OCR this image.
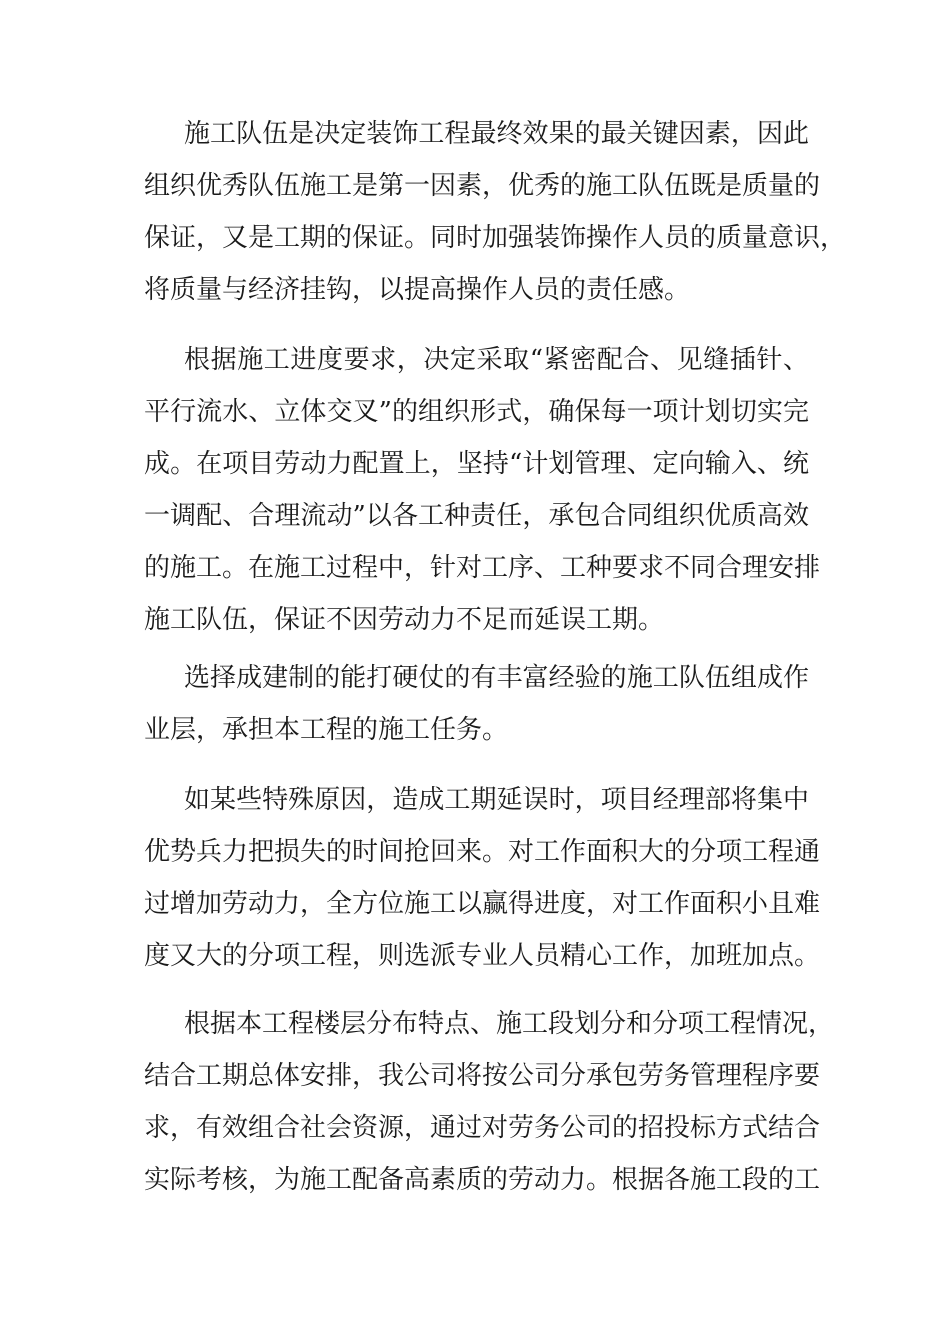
施工队伍是决定装饰工程最终效果的最关键因素，因此
组织优秀队伍施工是第一因素，优秀的施工队伍既是质量的
保证，又是工期的保证。同时加强装饰操作人员的质量意识，
将质量与经济挂钩，以提高操作人员的责任感。
根据施工进度要求，决定采取“紧密配合、见缝插针、
平行流水、立体交叉”的组织形式，确保每一项计划切实完
成。在项目劳动力配置上，坚持“计划管理、定向输入、统
一调配、合理流动”以各工种责任，承包合同组织优质高效
的施工。在施工过程中，针对工序、工种要求不同合理安排
施工队伍，保证不因劳动力不足而延误工期。
选择成建制的能打硬仗的有丰富经验的施工队伍组成作
业层，承担本工程的施工任务。
如某些特殊原因，造成工期延误时，项目经理部将集中
优势兵力把损失的时间抢回来。对工作面积大的分项工程通
过增加劳动力，全方位施工以赢得进度，对工作面积小且难
度又大的分项工程，则选派专业人员精心工作，加班加点。
根据本工程楼层分布特点、施工段划分和分项工程情况，
结合工期总体安排，我公司将按公司分承包劳务管理程序要
求，有效组合社会资源，通过对劳务公司的招投标方式结合
实际考核，为施工配备高素质的劳动力。根据各施工段的工
